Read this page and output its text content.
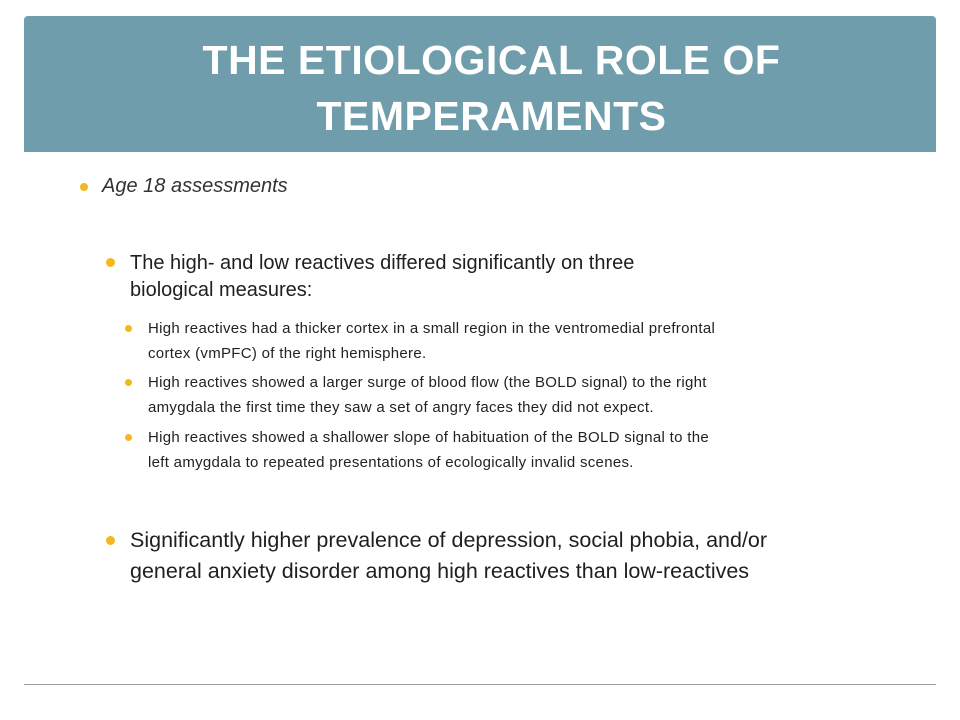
THE ETIOLOGICAL ROLE OF
TEMPERAMENTS
Age 18 assessments
The high- and low reactives differed significantly on three
biological measures:
High reactives had a thicker cortex in a small region in the ventromedial prefrontal
cortex (vmPFC) of the right hemisphere.
High reactives showed a larger surge of blood flow (the BOLD signal) to the right
amygdala the first time they saw a set of angry faces they did not expect.
High reactives showed a shallower slope of habituation of the BOLD signal to the
left amygdala to repeated presentations of ecologically invalid scenes.
Significantly higher prevalence of depression, social phobia, and/or
general anxiety disorder among high reactives than low-reactives
